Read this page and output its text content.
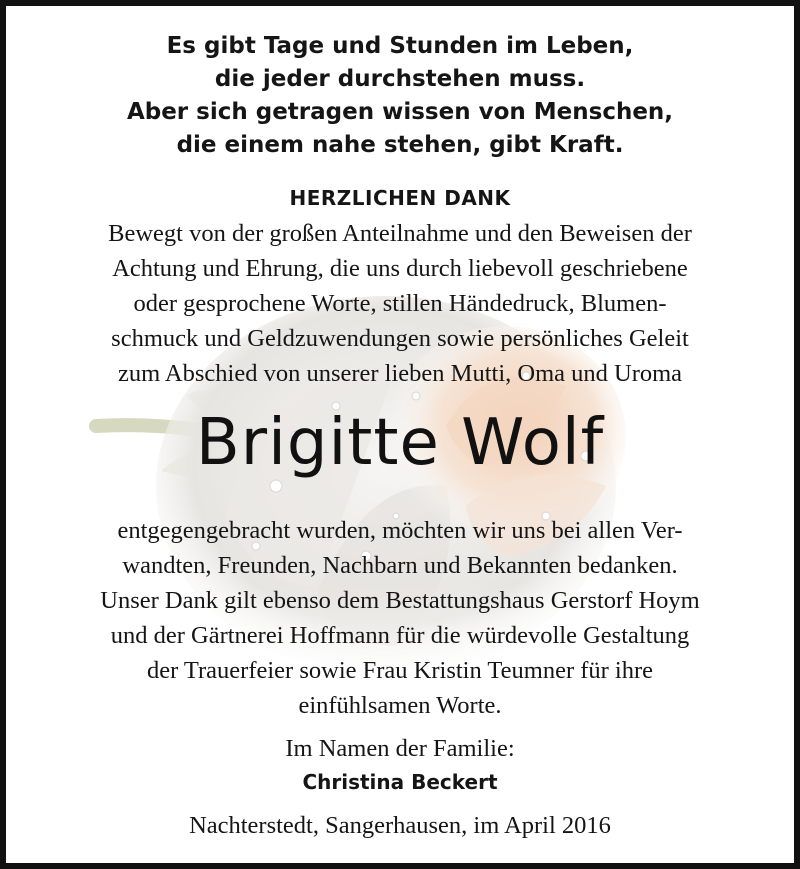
Es gibt Tage und Stunden im Leben,
die jeder durchstehen muss.
Aber sich getragen wissen von Menschen,
die einem nahe stehen, gibt Kraft.
HERZLICHEN DANK
Bewegt von der großen Anteilnahme und den Beweisen der
Achtung und Ehrung, die uns durch liebevoll geschriebene
oder gesprochene Worte, stillen Händedruck, Blumen-
schmuck und Geldzuwendungen sowie persönliches Geleit
zum Abschied von unserer lieben Mutti, Oma und Uroma
Brigitte Wolf
entgegengebracht wurden, möchten wir uns bei allen Ver-
wandten, Freunden, Nachbarn und Bekannten bedanken.
Unser Dank gilt ebenso dem Bestattungshaus Gerstorf Hoym
und der Gärtnerei Hoffmann für die würdevolle Gestaltung
der Trauerfeier sowie Frau Kristin Teumner für ihre
einfühlsamen Worte.
Im Namen der Familie:
Christina Beckert
Nachterstedt, Sangerhausen, im April 2016
